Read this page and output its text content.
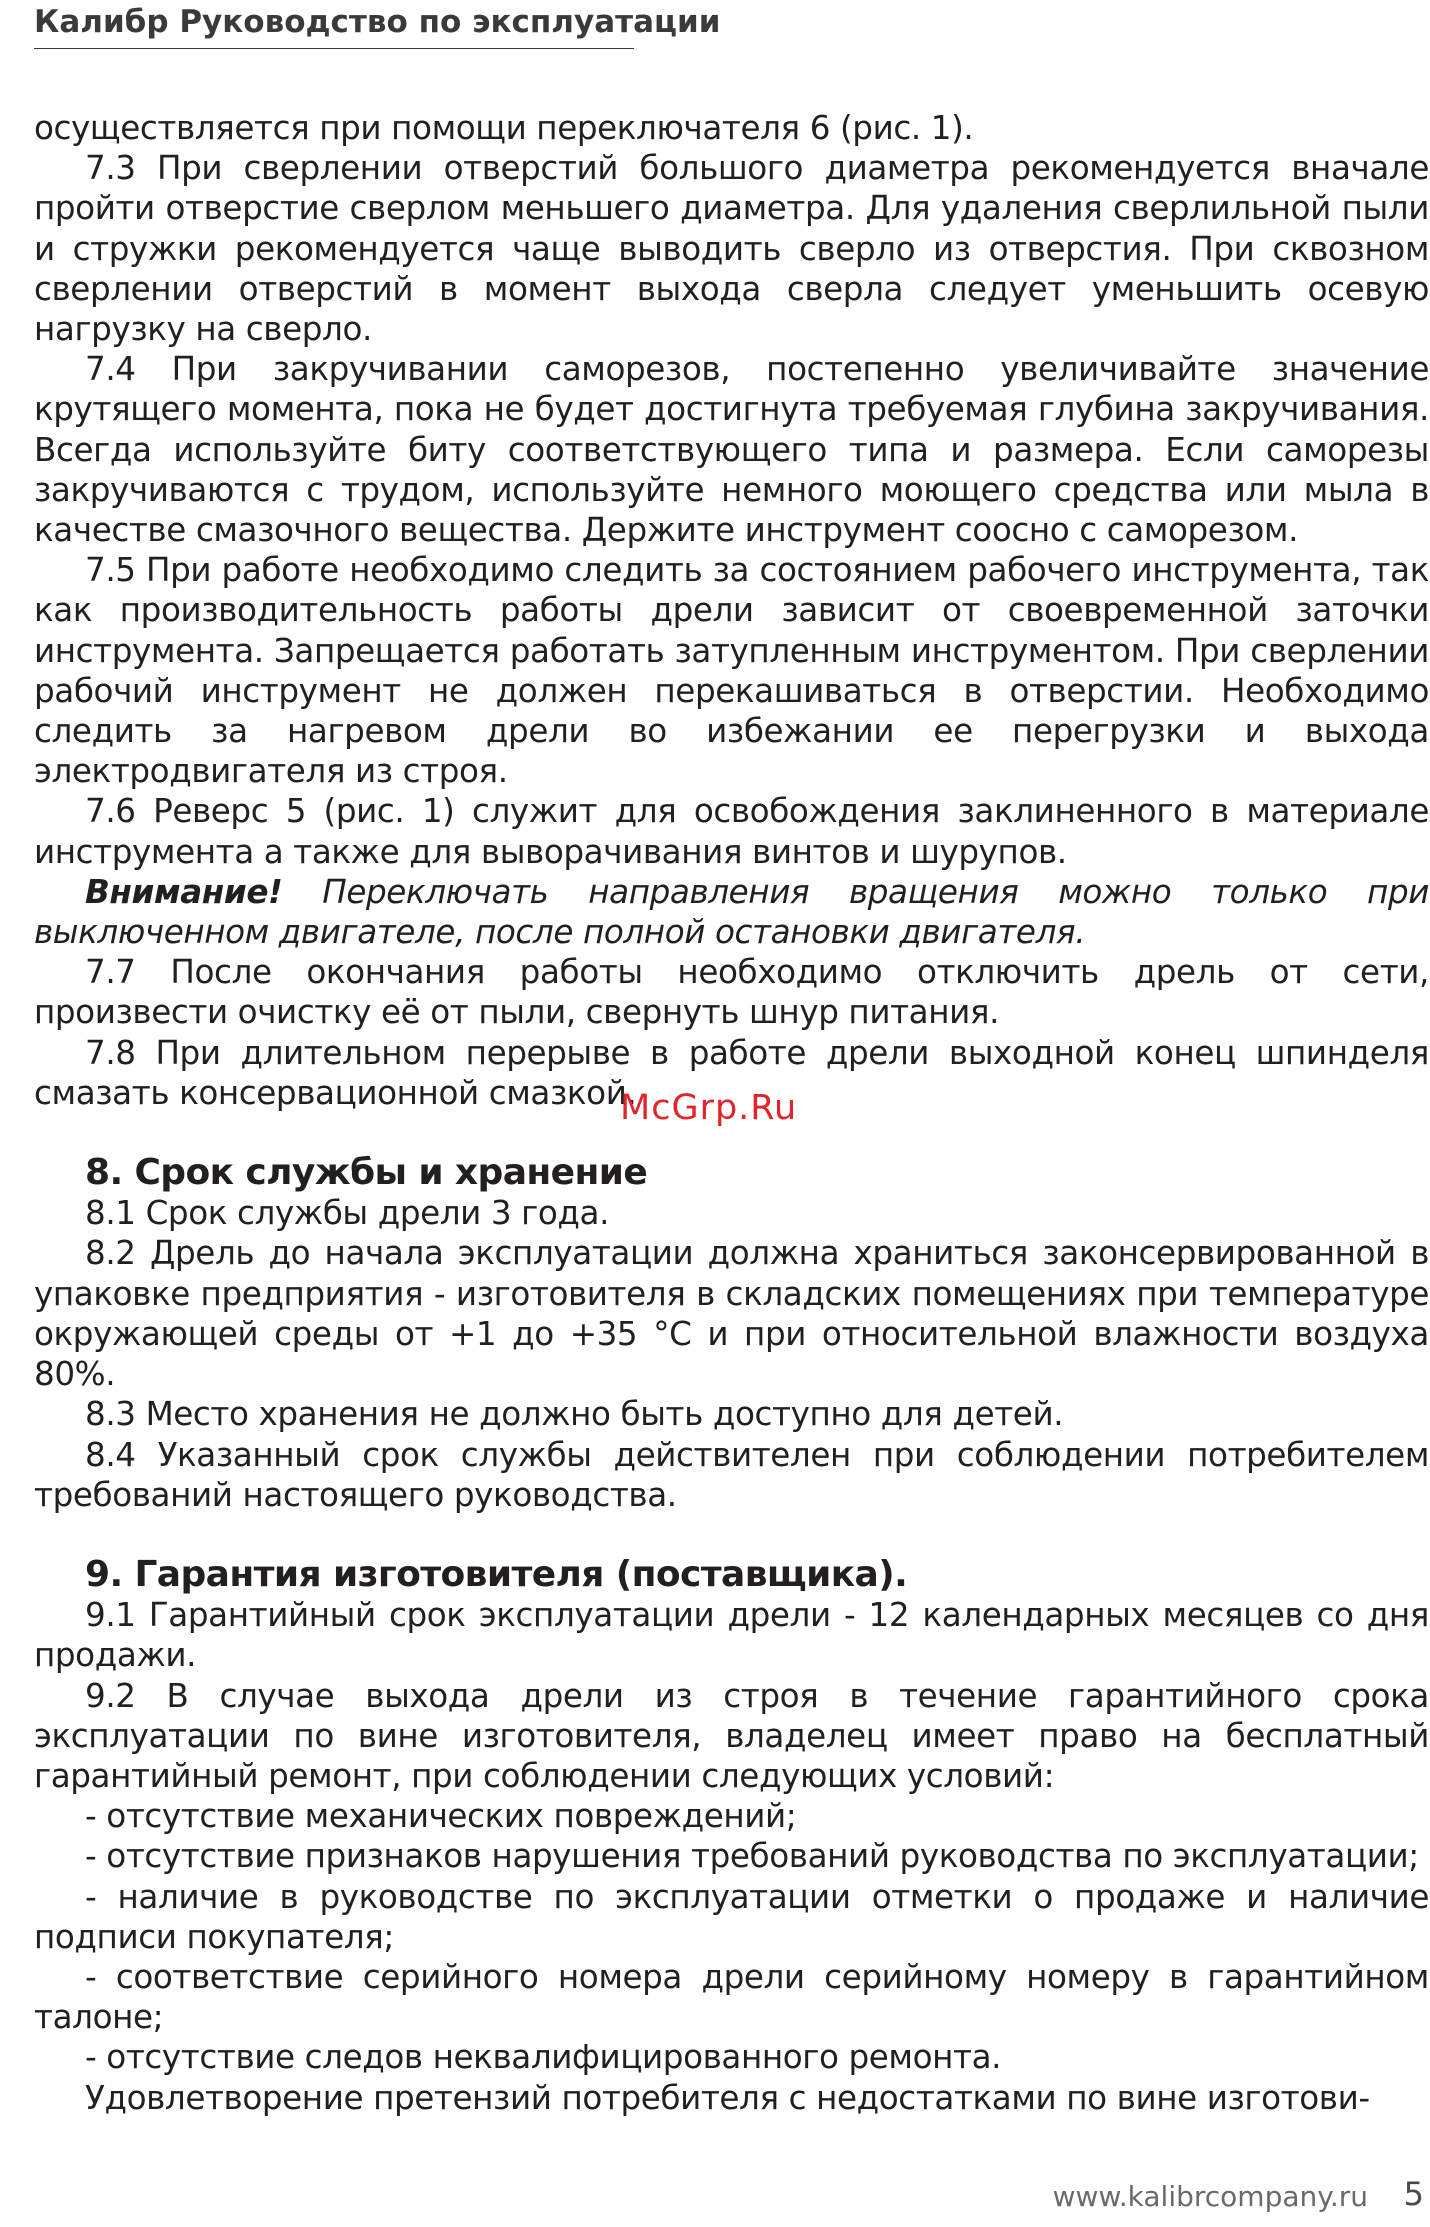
Калибр Руководство по эксплуатации

осуществляется при помощи переключателя 6 (рис. 1).

7.3 При сверлении отверстий большого диаметра рекомендуется вначале пройти отверстие сверлом меньшего диаметра. Для удаления сверлильной пыли и стружки рекомендуется чаще выводить сверло из отверстия. При сквозном сверлении отверстий в момент выхода сверла следует уменьшить осевую нагрузку на сверло.

7.4 При закручивании саморезов, постепенно увеличивайте значение крутящего момента, пока не будет достигнута требуемая глубина закручивания. Всегда используйте биту соответствующего типа и размера. Если саморезы закручиваются с трудом, используйте немного моющего средства или мыла в качестве смазочного вещества. Держите инструмент соосно с саморезом.

7.5 При работе необходимо следить за состоянием рабочего инструмента, так как производительность работы дрели зависит от своевременной заточки инструмента. Запрещается работать затупленным инструментом. При сверлении рабочий инструмент не должен перекашиваться в отверстии. Необходимо следить за нагревом дрели во избежании ее перегрузки и выхода электродвигателя из строя.

7.6 Реверс 5 (рис. 1) служит для освобождения заклиненного в материале инструмента а также для выворачивания винтов и шурупов.

Внимание! Переключать направления вращения можно только при выключенном двигателе, после полной остановки двигателя.

7.7 После окончания работы необходимо отключить дрель от сети, произвести очистку её от пыли, свернуть шнур питания.

7.8 При длительном перерыве в работе дрели выходной конец шпинделя смазать консервационной смазкой.

8. Срок службы и хранение

8.1 Срок службы дрели 3 года.

8.2 Дрель до начала эксплуатации должна храниться законсервированной в упаковке предприятия - изготовителя в складских помещениях при температуре окружающей среды от +1 до +35 °С и при относительной влажности воздуха 80%.

8.3 Место хранения не должно быть доступно для детей.

8.4 Указанный срок службы действителен при соблюдении потребителем требований настоящего руководства.

9. Гарантия изготовителя (поставщика).

9.1 Гарантийный срок эксплуатации дрели - 12 календарных месяцев со дня продажи.

9.2 В случае выхода дрели из строя в течение гарантийного срока эксплуатации по вине изготовителя, владелец имеет право на бесплатный гарантийный ремонт, при соблюдении следующих условий:

- отсутствие механических повреждений;

- отсутствие признаков нарушения требований руководства по эксплуатации;

- наличие в руководстве по эксплуатации отметки о продаже и наличие подписи покупателя;

- соответствие серийного номера дрели серийному номеру в гарантийном талоне;

- отсутствие следов неквалифицированного ремонта.

Удовлетворение претензий потребителя с недостатками по вине изготови-

McGrp.Ru
www.kalibrcompany.ru 5
